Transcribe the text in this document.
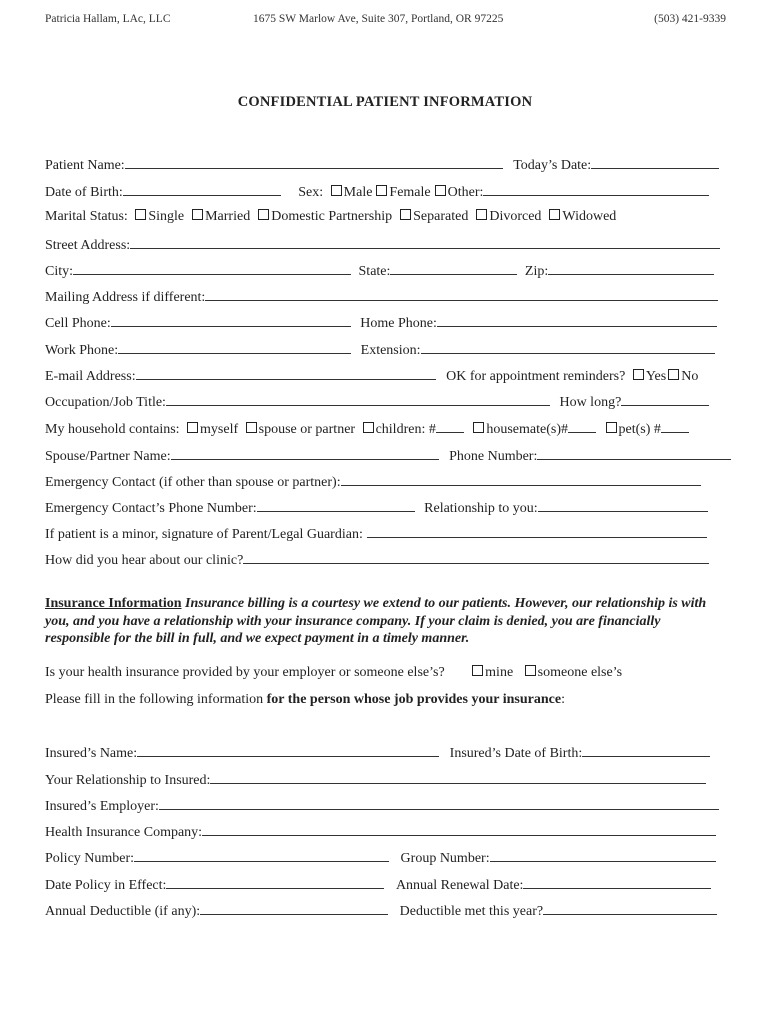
Patricia Hallam, LAc, LLC	1675 SW Marlow Ave, Suite 307, Portland, OR 97225	(503) 421-9339
CONFIDENTIAL PATIENT INFORMATION
Patient Name:	Today’s Date:
Date of Birth:	Sex: Male Female Other:
Marital Status: Single Married Domestic Partnership Separated Divorced Widowed
Street Address:
City:	State:	Zip:
Mailing Address if different:
Cell Phone:	Home Phone:
Work Phone:	Extension:
E-mail Address:	OK for appointment reminders? Yes No
Occupation/Job Title:	How long?
My household contains: myself spouse or partner children: #	housemate(s)#	pet(s) #
Spouse/Partner Name:	Phone Number:
Emergency Contact (if other than spouse or partner):
Emergency Contact’s Phone Number:	Relationship to you:
If patient is a minor, signature of Parent/Legal Guardian:
How did you hear about our clinic?
Insurance Information Insurance billing is a courtesy we extend to our patients. However, our relationship is with you, and you have a relationship with your insurance company. If your claim is denied, you are financially responsible for the bill in full, and we expect payment in a timely manner.
Is your health insurance provided by your employer or someone else’s?	mine someone else’s
Please fill in the following information for the person whose job provides your insurance:
Insured’s Name:	Insured’s Date of Birth:
Your Relationship to Insured:
Insured’s Employer:
Health Insurance Company:
Policy Number:	Group Number:
Date Policy in Effect:	Annual Renewal Date:
Annual Deductible (if any):	Deductible met this year?
